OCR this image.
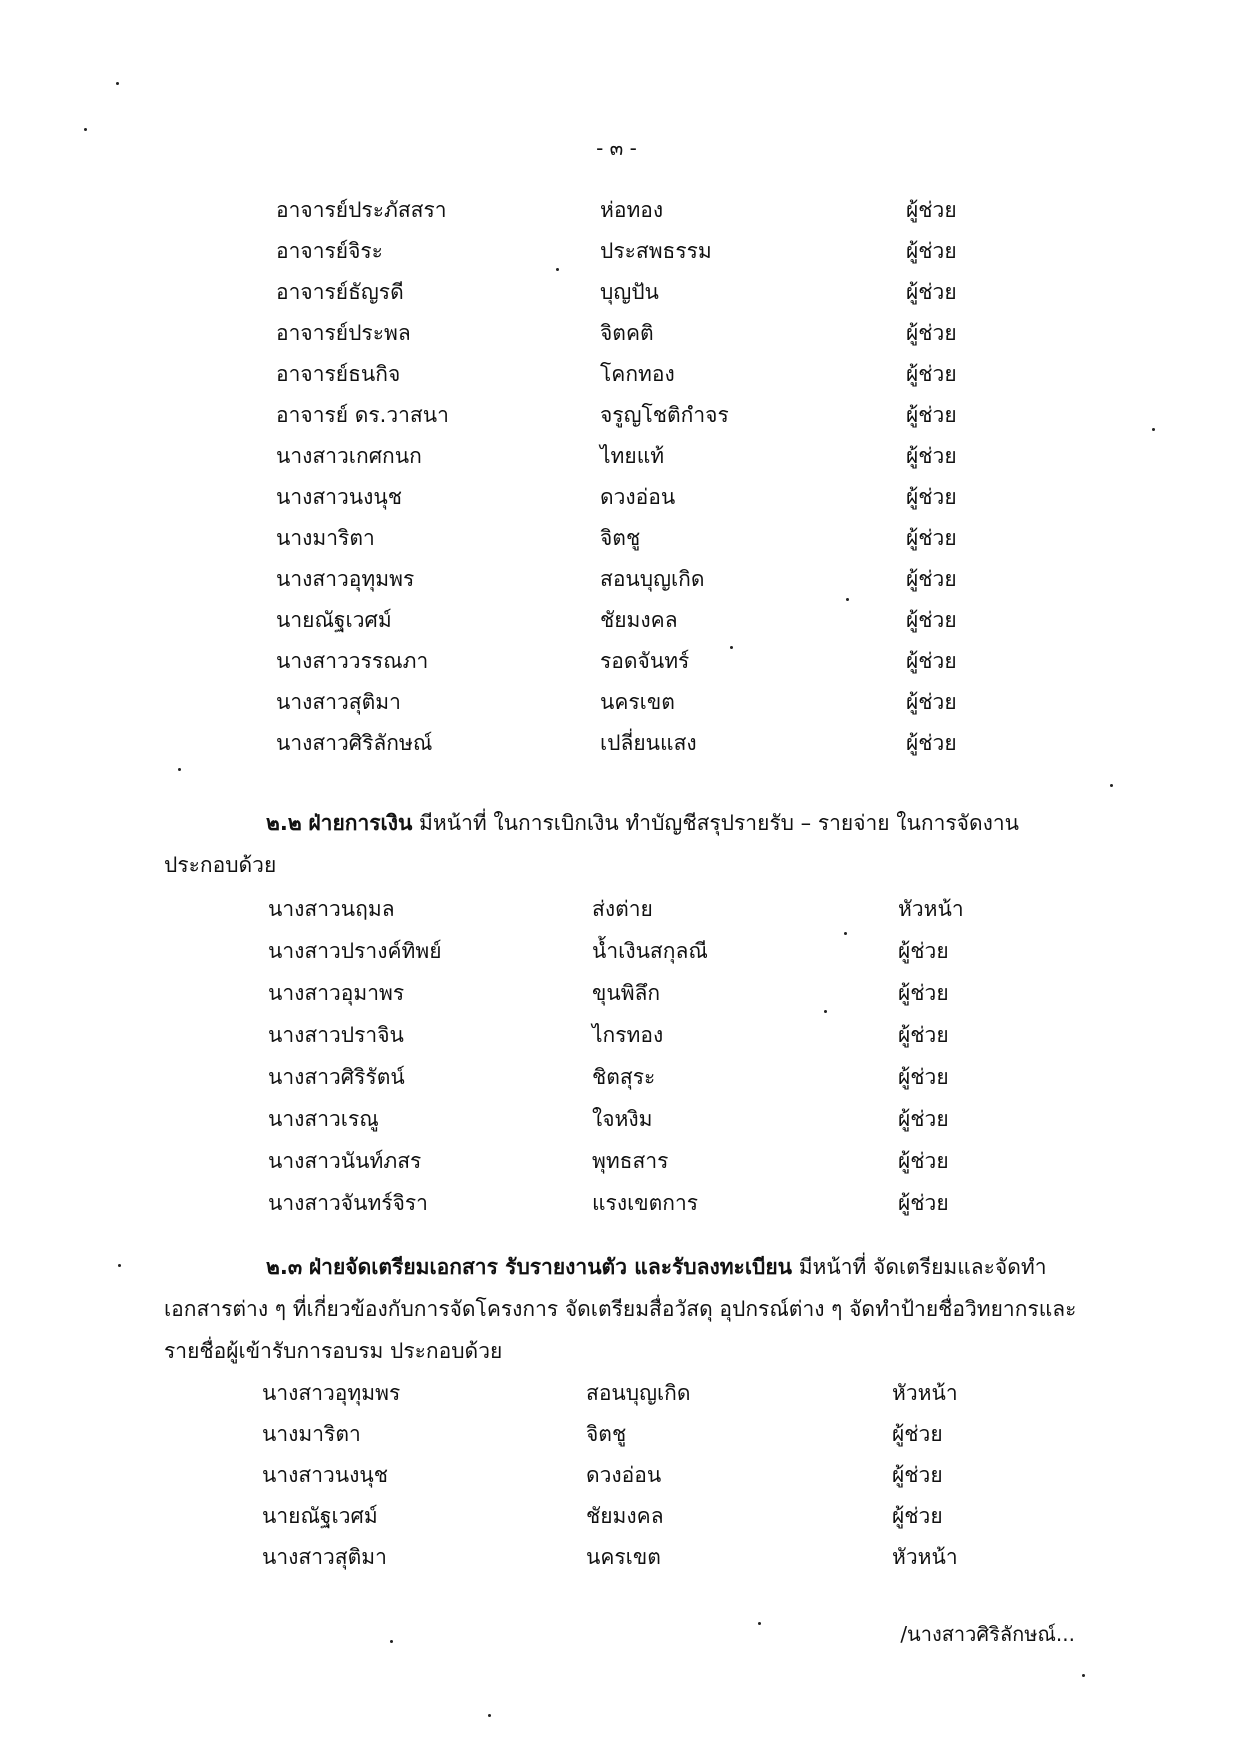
- ๓ -
อาจารย์ประภัสสรา	ห่อทอง	ผู้ช่วย
อาจารย์จิระ	ประสพธรรม	ผู้ช่วย
อาจารย์ธัญรดี	บุญปัน	ผู้ช่วย
อาจารย์ประพล	จิตคติ	ผู้ช่วย
อาจารย์ธนกิจ	โคกทอง	ผู้ช่วย
อาจารย์ ดร.วาสนา	จรูญโชติกำจร	ผู้ช่วย
นางสาวเกศกนก	ไทยแท้	ผู้ช่วย
นางสาวนงนุช	ดวงอ่อน	ผู้ช่วย
นางมาริตา	จิตชู	ผู้ช่วย
นางสาวอุทุมพร	สอนบุญเกิด	ผู้ช่วย
นายณัฐเวศม์	ชัยมงคล	ผู้ช่วย
นางสาววรรณภา	รอดจันทร์	ผู้ช่วย
นางสาวสุติมา	นครเขต	ผู้ช่วย
นางสาวศิริลักษณ์	เปลี่ยนแสง	ผู้ช่วย
๒.๒ ฝ่ายการเงิน มีหน้าที่ ในการเบิกเงิน ทำบัญชีสรุปรายรับ – รายจ่าย ในการจัดงาน ประกอบด้วย
นางสาวนฤมล	ส่งต่าย	หัวหน้า
นางสาวปรางค์ทิพย์	น้ำเงินสกุลณี	ผู้ช่วย
นางสาวอุมาพร	ขุนพิลึก	ผู้ช่วย
นางสาวปราจิน	ไกรทอง	ผู้ช่วย
นางสาวศิริรัตน์	ชิตสุระ	ผู้ช่วย
นางสาวเรณู	ใจหงิม	ผู้ช่วย
นางสาวนันท์ภสร	พุทธสาร	ผู้ช่วย
นางสาวจันทร์จิรา	แรงเขตการ	ผู้ช่วย
๒.๓ ฝ่ายจัดเตรียมเอกสาร รับรายงานตัว และรับลงทะเบียน มีหน้าที่ จัดเตรียมและจัดทำเอกสารต่าง ๆ ที่เกี่ยวข้องกับการจัดโครงการ จัดเตรียมสื่อวัสดุ อุปกรณ์ต่าง ๆ จัดทำป้ายชื่อวิทยากรและรายชื่อผู้เข้ารับการอบรม ประกอบด้วย
นางสาวอุทุมพร	สอนบุญเกิด	หัวหน้า
นางมาริตา	จิตชู	ผู้ช่วย
นางสาวนงนุช	ดวงอ่อน	ผู้ช่วย
นายณัฐเวศม์	ชัยมงคล	ผู้ช่วย
นางสาวสุติมา	นครเขต	หัวหน้า
/นางสาวศิริลักษณ์...
